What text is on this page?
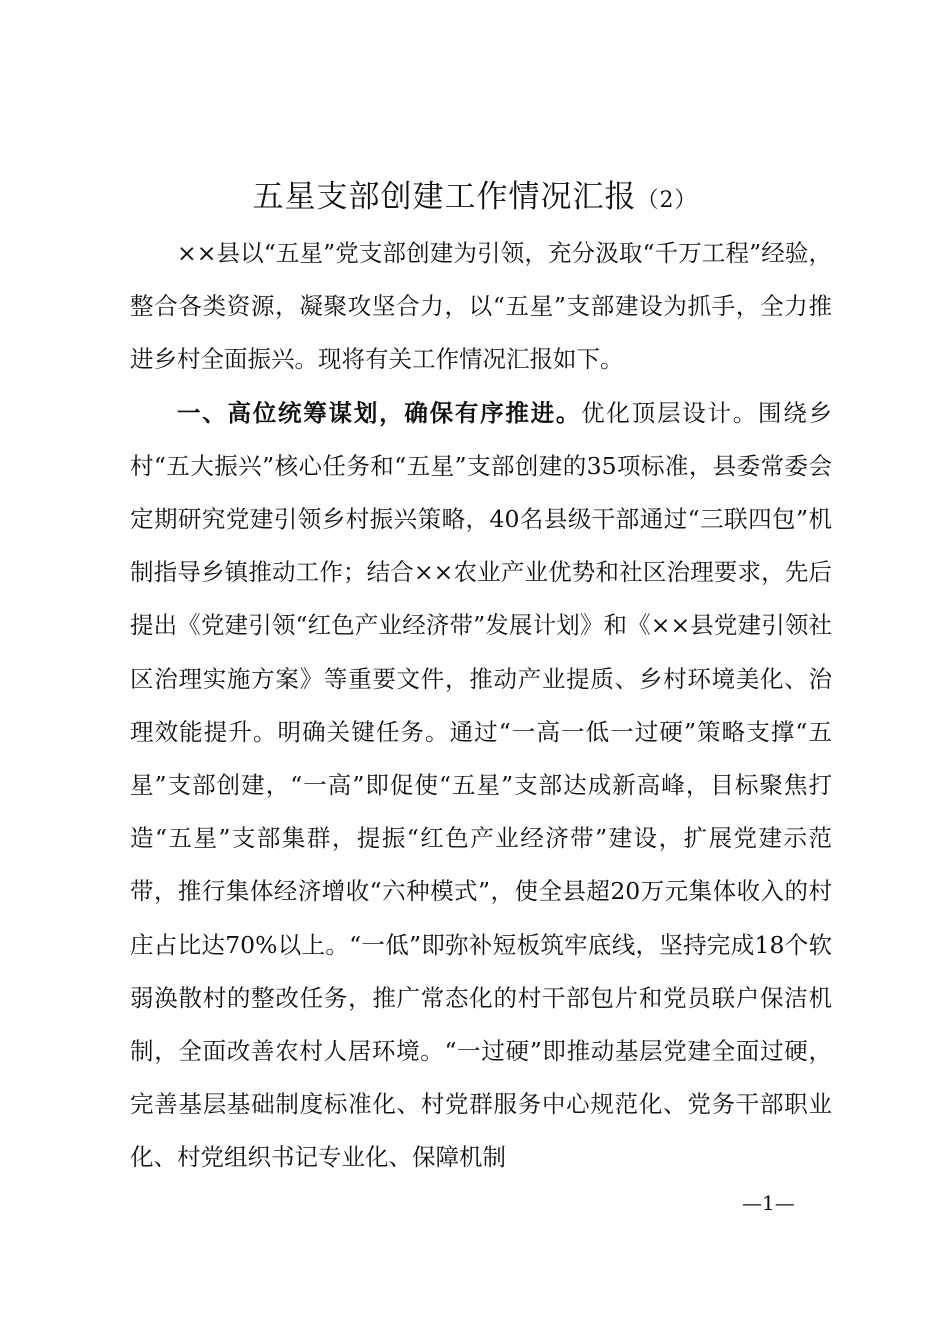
五星支部创建工作情况汇报（2）

××县以“五星”党支部创建为引领，充分汲取“千万工程”经验，整合各类资源，凝聚攻坚合力，以“五星”支部建设为抓手，全力推进乡村全面振兴。现将有关工作情况汇报如下。

一、高位统筹谋划，确保有序推进。优化顶层设计。围绕乡村“五大振兴”核心任务和“五星”支部创建的35项标准，县委常委会定期研究党建引领乡村振兴策略，40名县级干部通过“三联四包”机制指导乡镇推动工作；结合××农业产业优势和社区治理要求，先后提出《党建引领“红色产业经济带”发展计划》和《××县党建引领社区治理实施方案》等重要文件，推动产业提质、乡村环境美化、治理效能提升。明确关键任务。通过“一高一低一过硬”策略支撑“五星”支部创建，“一高”即促使“五星”支部达成新高峰，目标聚焦打造“五星”支部集群，提振“红色产业经济带”建设，扩展党建示范带，推行集体经济增收“六种模式”，使全县超20万元集体收入的村庄占比达70%以上。“一低”即弥补短板筑牢底线，坚持完成18个软弱涣散村的整改任务，推广常态化的村干部包片和党员联户保洁机制，全面改善农村人居环境。“一过硬”即推动基层党建全面过硬，完善基层基础制度标准化、村党群服务中心规范化、党务干部职业化、村党组织书记专业化、保障机制

—1—
